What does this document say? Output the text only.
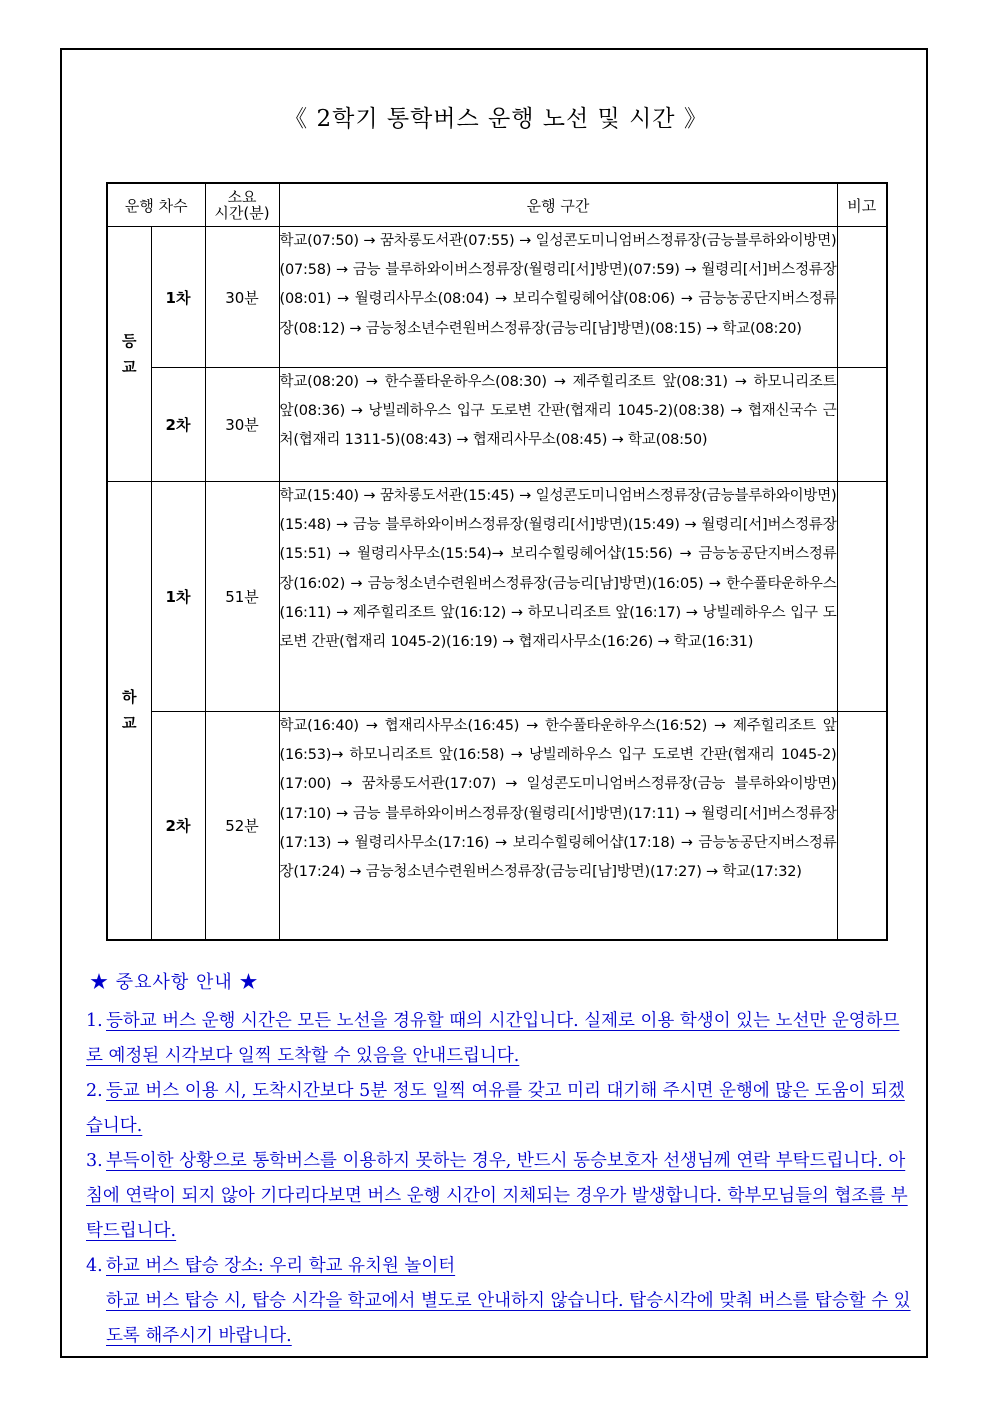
《 2학기 통학버스 운행 노선 및 시간 》
운행 차수		소요
시간(분)	운행 구간	비고
등
교	1차	30분	학교(07:50) → 꿈차롱도서관(07:55) → 일성콘도미니엄버스정류장(금능블루하와이방면)(07:58) → 금능 블루하와이버스정류장(월령리[서]방면)(07:59) → 월령리[서]버스정류장(08:01) → 월령리사무소(08:04) → 보리수힐링헤어샵(08:06) → 금능농공단지버스정류장(08:12) → 금능청소년수련원버스정류장(금능리[남]방면)(08:15) → 학교(08:20)	
	2차	30분	학교(08:20) → 한수풀타운하우스(08:30) → 제주힐리조트 앞(08:31) → 하모니리조트 앞(08:36) → 낭빌레하우스 입구 도로변 간판(협재리 1045-2)(08:38) → 협재신국수 근처(협재리 1311-5)(08:43) → 협재리사무소(08:45) → 학교(08:50)	
하
교	1차	51분	학교(15:40) → 꿈차롱도서관(15:45) → 일성콘도미니엄버스정류장(금능블루하와이방면)(15:48) → 금능 블루하와이버스정류장(월령리[서]방면)(15:49) → 월령리[서]버스정류장(15:51) → 월령리사무소(15:54)→ 보리수힐링헤어샵(15:56) → 금능농공단지버스정류장(16:02) → 금능청소년수련원버스정류장(금능리[남]방면)(16:05) → 한수풀타운하우스(16:11) → 제주힐리조트 앞(16:12) → 하모니리조트 앞(16:17) → 낭빌레하우스 입구 도로변 간판(협재리 1045-2)(16:19) → 협재리사무소(16:26) → 학교(16:31)	
	2차	52분	학교(16:40) → 협재리사무소(16:45) → 한수풀타운하우스(16:52) → 제주힐리조트 앞(16:53)→ 하모니리조트 앞(16:58) → 낭빌레하우스 입구 도로변 간판(협재리 1045-2)(17:00) → 꿈차롱도서관(17:07) → 일성콘도미니엄버스정류장(금능 블루하와이방면)(17:10) → 금능 블루하와이버스정류장(월령리[서]방면)(17:11) → 월령리[서]버스정류장(17:13) → 월령리사무소(17:16) → 보리수힐링헤어샵(17:18) → 금능농공단지버스정류장(17:24) → 금능청소년수련원버스정류장(금능리[남]방면)(17:27) → 학교(17:32)	
★ 중요사항 안내 ★

1. 등하교 버스 운행 시간은 모든 노선을 경유할 때의 시간입니다. 실제로 이용 학생이 있는 노선만 운영하므로 예정된 시각보다 일찍 도착할 수 있음을 안내드립니다.

2. 등교 버스 이용 시, 도착시간보다 5분 정도 일찍 여유를 갖고 미리 대기해 주시면 운행에 많은 도움이 되겠습니다.

3. 부득이한 상황으로 통학버스를 이용하지 못하는 경우, 반드시 동승보호자 선생님께 연락 부탁드립니다. 아침에 연락이 되지 않아 기다리다보면 버스 운행 시간이 지체되는 경우가 발생합니다. 학부모님들의 협조를 부탁드립니다.

4. 하교 버스 탑승 장소: 우리 학교 유치원 놀이터

하교 버스 탑승 시, 탑승 시각을 학교에서 별도로 안내하지 않습니다. 탑승시각에 맞춰 버스를 탑승할 수 있도록 해주시기 바랍니다.
